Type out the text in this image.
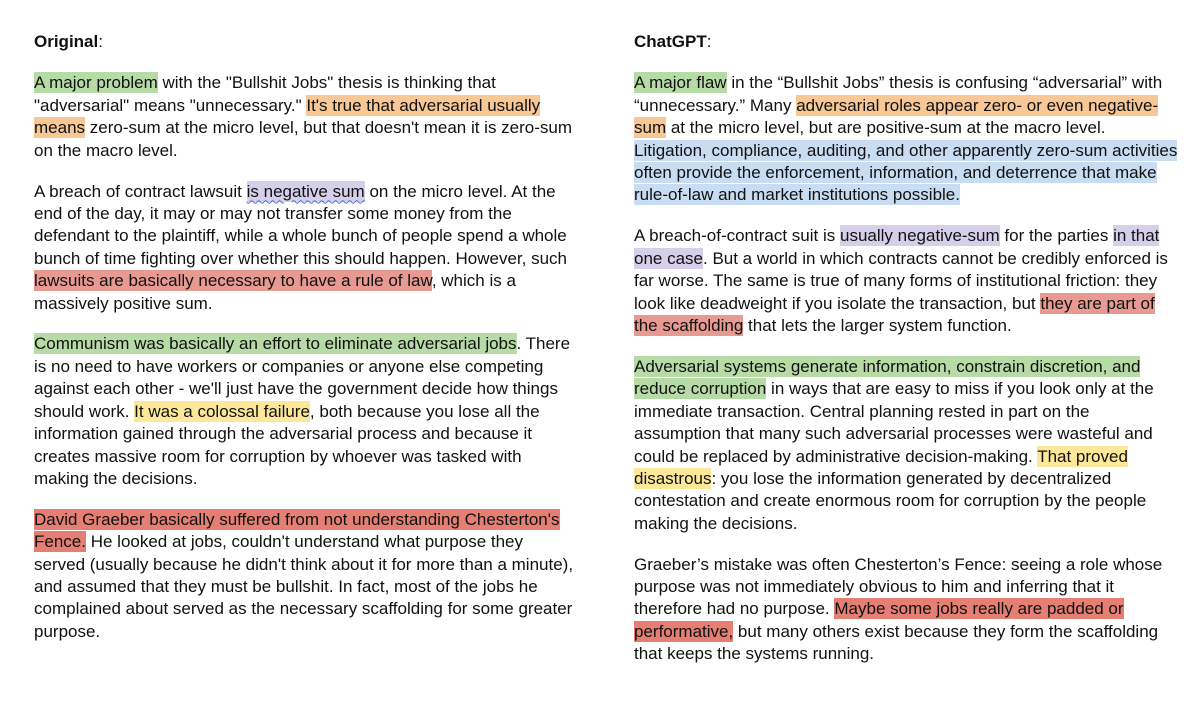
Original:

A major problem with the "Bullshit Jobs" thesis is thinking that "adversarial" means "unnecessary." It's true that adversarial usually means zero-sum at the micro level, but that doesn't mean it is zero-sum on the macro level.

A breach of contract lawsuit is negative sum on the micro level. At the end of the day, it may or may not transfer some money from the defendant to the plaintiff, while a whole bunch of people spend a whole bunch of time fighting over whether this should happen. However, such lawsuits are basically necessary to have a rule of law, which is a massively positive sum.

Communism was basically an effort to eliminate adversarial jobs. There is no need to have workers or companies or anyone else competing against each other - we'll just have the government decide how things should work. It was a colossal failure, both because you lose all the information gained through the adversarial process and because it creates massive room for corruption by whoever was tasked with making the decisions.

David Graeber basically suffered from not understanding Chesterton's Fence. He looked at jobs, couldn't understand what purpose they served (usually because he didn't think about it for more than a minute), and assumed that they must be bullshit. In fact, most of the jobs he complained about served as the necessary scaffolding for some greater purpose.

ChatGPT:

A major flaw in the “Bullshit Jobs” thesis is confusing “adversarial” with “unnecessary.” Many adversarial roles appear zero- or even negative-sum at the micro level, but are positive-sum at the macro level. Litigation, compliance, auditing, and other apparently zero-sum activities often provide the enforcement, information, and deterrence that make rule-of-law and market institutions possible.

A breach-of-contract suit is usually negative-sum for the parties in that one case. But a world in which contracts cannot be credibly enforced is far worse. The same is true of many forms of institutional friction: they look like deadweight if you isolate the transaction, but they are part of the scaffolding that lets the larger system function.

Adversarial systems generate information, constrain discretion, and reduce corruption in ways that are easy to miss if you look only at the immediate transaction. Central planning rested in part on the assumption that many such adversarial processes were wasteful and could be replaced by administrative decision-making. That proved disastrous: you lose the information generated by decentralized contestation and create enormous room for corruption by the people making the decisions.

Graeber’s mistake was often Chesterton’s Fence: seeing a role whose purpose was not immediately obvious to him and inferring that it therefore had no purpose. Maybe some jobs really are padded or performative, but many others exist because they form the scaffolding that keeps the systems running.
